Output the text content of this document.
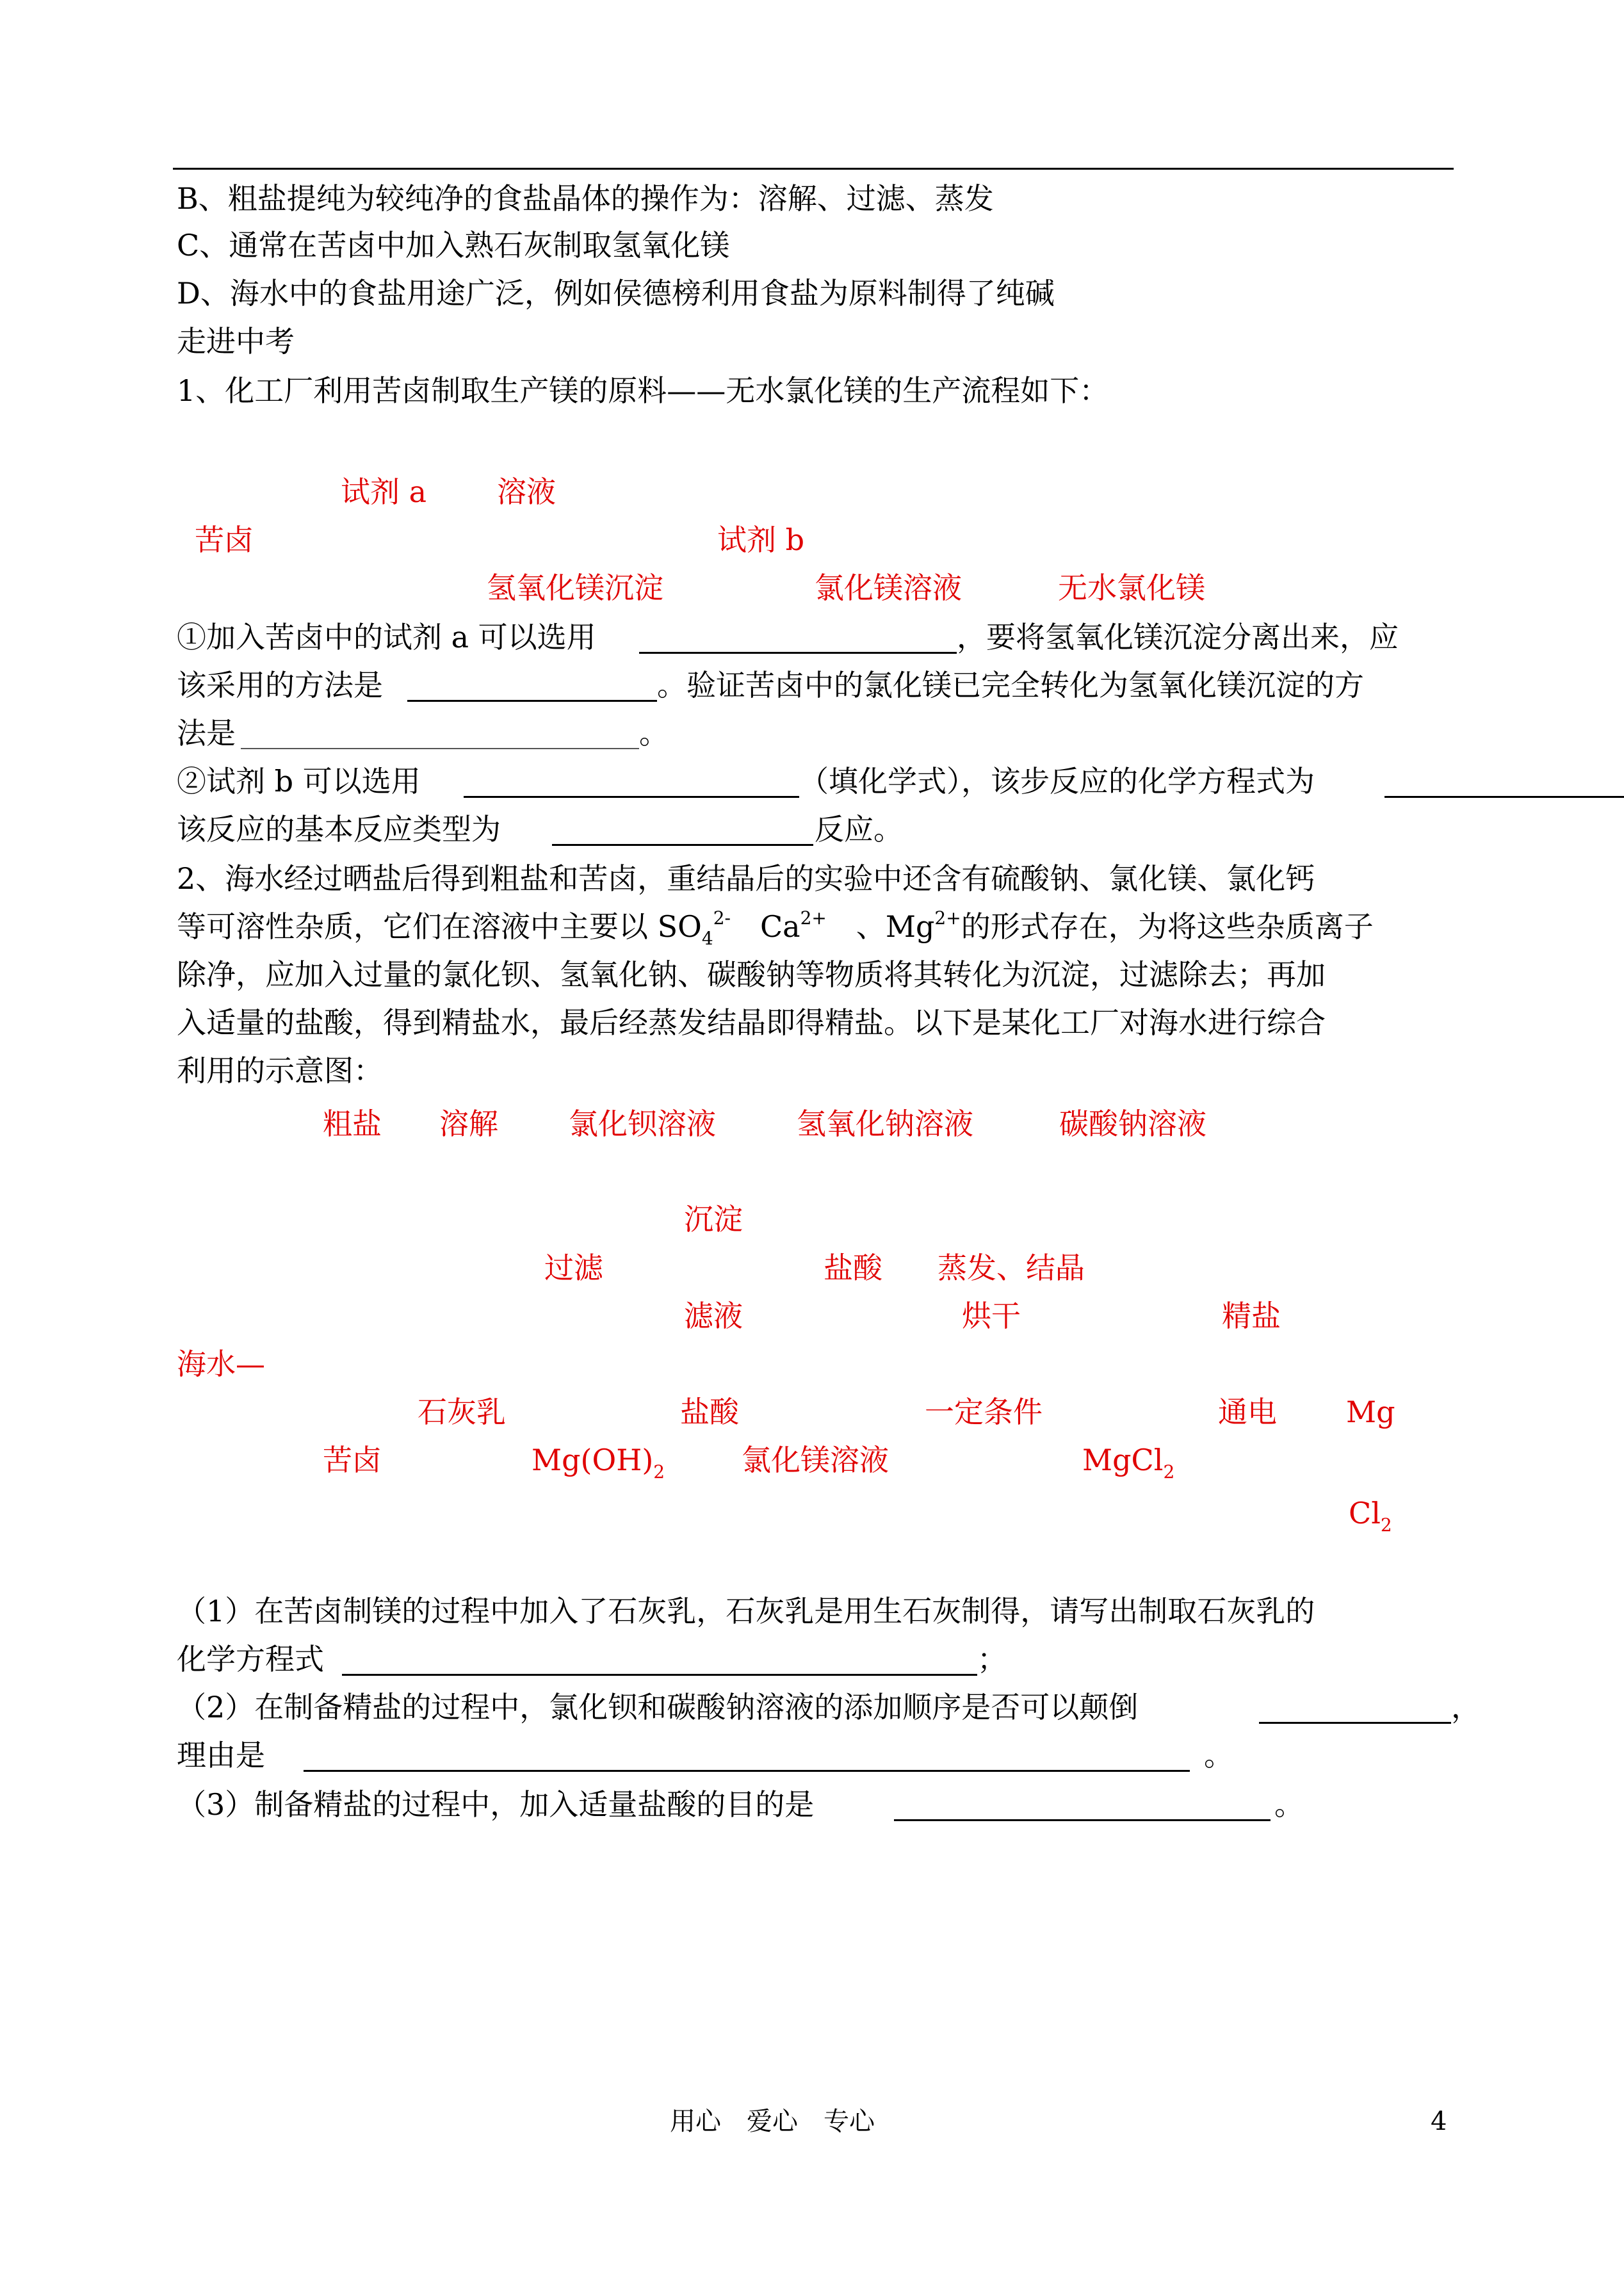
B、粗盐提纯为较纯净的食盐晶体的操作为：溶解、过滤、蒸发
C、通常在苦卤中加入熟石灰制取氢氧化镁
D、海水中的食盐用途广泛，例如侯德榜利用食盐为原料制得了纯碱
走进中考
1、化工厂利用苦卤制取生产镁的原料——无水氯化镁的生产流程如下：
试剂 a 溶液
苦卤	试剂 b
氢氧化镁沉淀	氯化镁溶液	无水氯化镁
①加入苦卤中的试剂 a 可以选用	，要将氢氧化镁沉淀分离出来，应
该采用的方法是	。验证苦卤中的氯化镁已完全转化为氢氧化镁沉淀的方
法是	。
②试剂 b 可以选用	（填化学式），该步反应的化学方程式为
该反应的基本反应类型为	反应。
2、海水经过晒盐后得到粗盐和苦卤，重结晶后的实验中还含有硫酸钠、氯化镁、氯化钙
等可溶性杂质，它们在溶液中主要以 $SO_4^{2-}$　 $Ca^{2+}$　 、$Mg^{2+}$的形式存在，为将这些杂质离子
除净，应加入过量的氯化钡、氢氧化钠、碳酸钠等物质将其转化为沉淀，过滤除去；再加
入适量的盐酸，得到精盐水，最后经蒸发结晶即得精盐。以下是某化工厂对海水进行综合
利用的示意图：
粗盐 溶解 氯化钡溶液	氢氧化钠溶液	碳酸钠溶液
沉淀
过滤	盐酸 蒸发、结晶
滤液	烘干	精盐
海水—
石灰乳	盐酸	一定条件	通电 Mg
苦卤	$Mg(OH)_2$	氯化镁溶液	MgCl$_2$
$Cl_2$
（1）在苦卤制镁的过程中加入了石灰乳，石灰乳是用生石灰制得，请写出制取石灰乳的
化学方程式	；
（2）在制备精盐的过程中，氯化钡和碳酸钠溶液的添加顺序是否可以颠倒	，
理由是	。
（3）制备精盐的过程中，加入适量盐酸的目的是	。
用心　爱心　专心	4
